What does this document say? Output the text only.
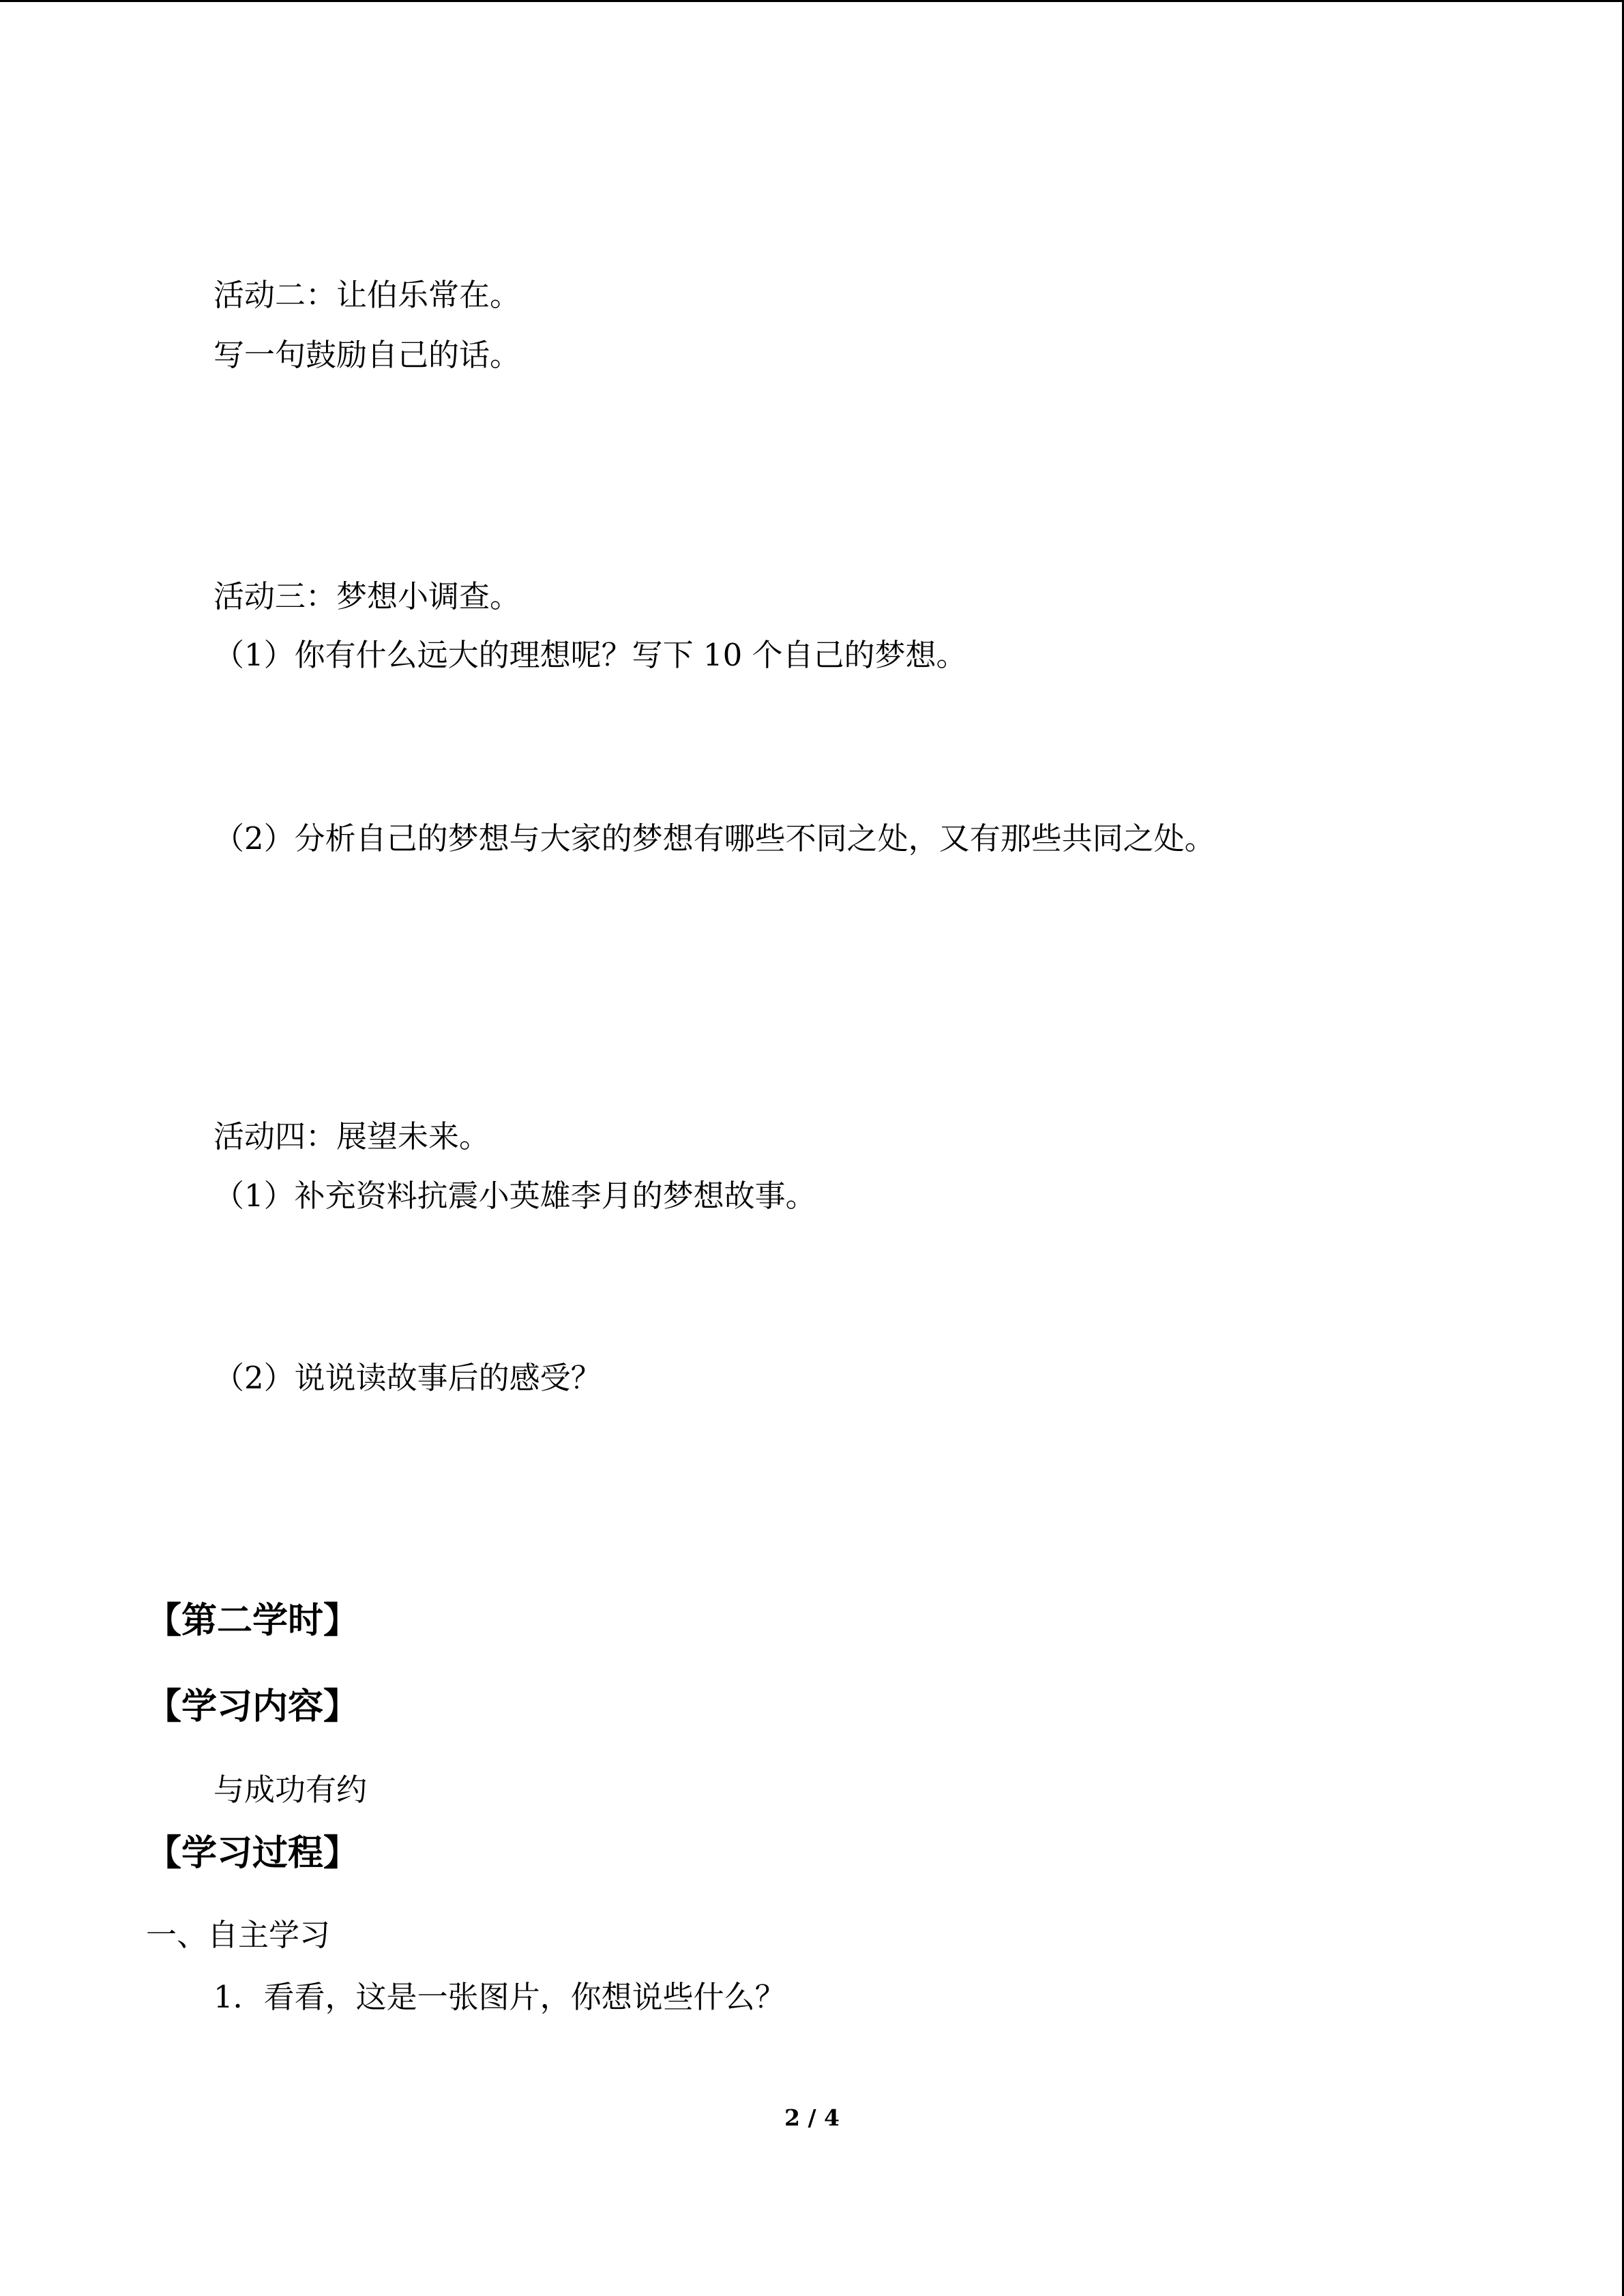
活动二：让伯乐常在。
写一句鼓励自己的话。
活动三：梦想小调查。
（1）你有什么远大的理想呢？写下 10 个自己的梦想。
（2）分析自己的梦想与大家的梦想有哪些不同之处，又有那些共同之处。
活动四：展望未来。
（1）补充资料抗震小英雄李月的梦想故事。
（2）说说读故事后的感受？
【第二学时】
【学习内容】
与成功有约
【学习过程】
一、自主学习
1．看看，这是一张图片，你想说些什么？
2 / 4
